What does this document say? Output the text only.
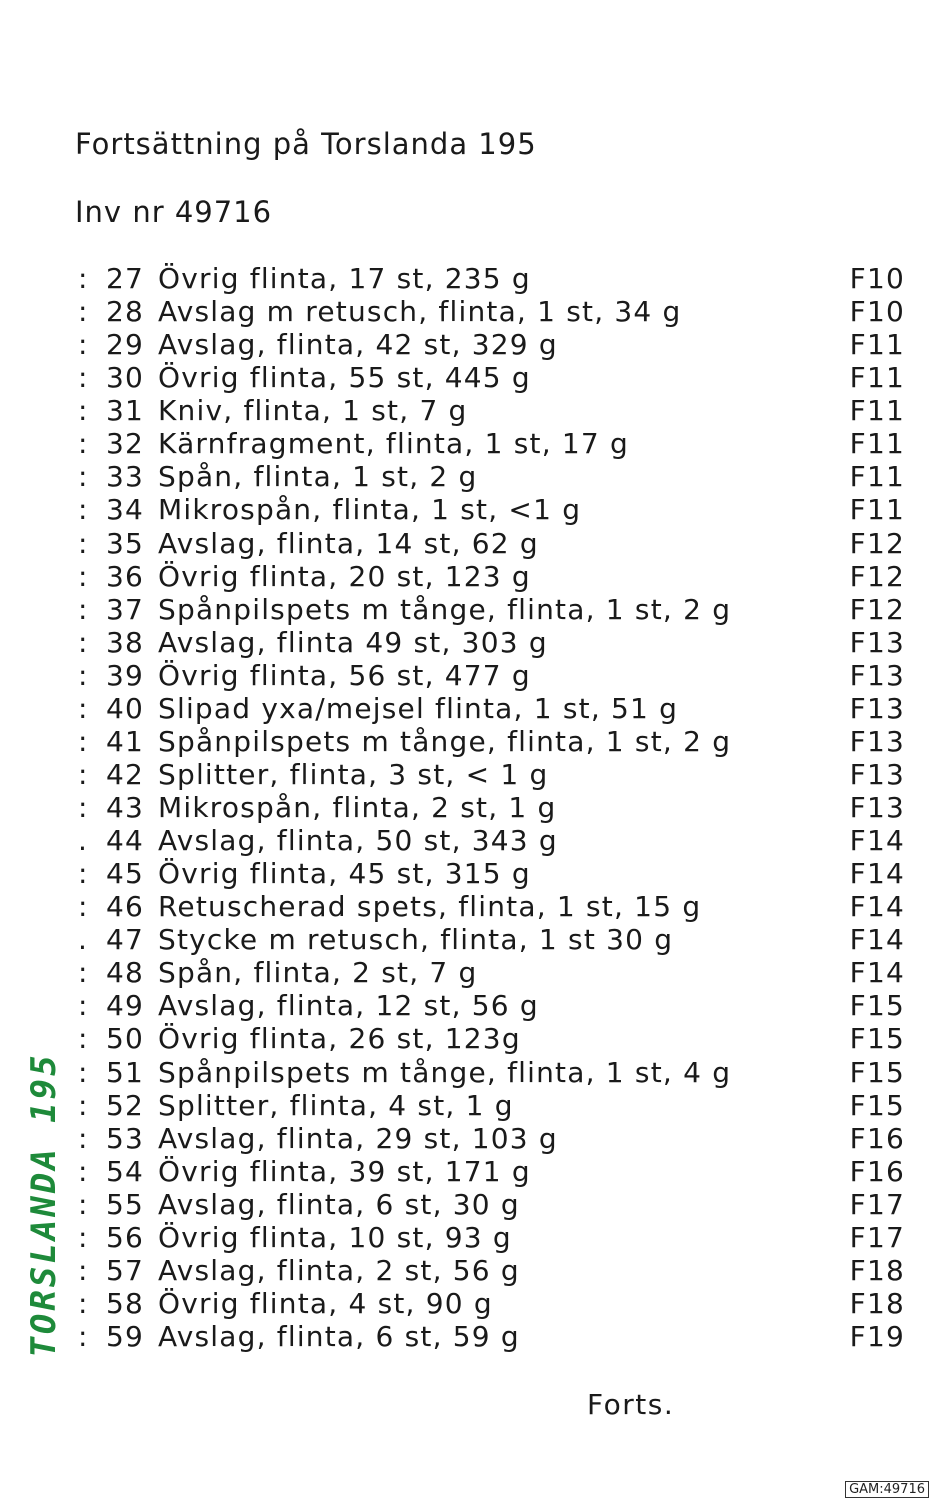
Fortsättning på Torslanda 195
Inv nr 49716
: 27 Övrig flinta, 17 st, 235 g	F10
: 28 Avslag m retusch, flinta, 1 st, 34 g	F10
: 29 Avslag, flinta, 42 st, 329 g	F11
: 30 Övrig flinta, 55 st, 445 g	F11
: 31 Kniv, flinta, 1 st, 7 g	F11
: 32 Kärnfragment, flinta, 1 st, 17 g	F11
: 33 Spån, flinta, 1 st, 2 g	F11
: 34 Mikrospån, flinta, 1 st, <1 g	F11
: 35 Avslag, flinta, 14 st, 62 g	F12
: 36 Övrig flinta, 20 st, 123 g	F12
: 37 Spånpilspets m tånge, flinta, 1 st, 2 g	F12
: 38 Avslag, flinta 49 st, 303 g	F13
: 39 Övrig flinta, 56 st, 477 g	F13
: 40 Slipad yxa/mejsel flinta, 1 st, 51 g	F13
: 41 Spånpilspets m tånge, flinta, 1 st, 2 g	F13
: 42 Splitter, flinta, 3 st, < 1 g	F13
: 43 Mikrospån, flinta, 2 st, 1 g	F13
. 44 Avslag, flinta, 50 st, 343 g	F14
: 45 Övrig flinta, 45 st, 315 g	F14
: 46 Retuscherad spets, flinta, 1 st, 15 g	F14
. 47 Stycke m retusch, flinta, 1 st 30 g	F14
: 48 Spån, flinta, 2 st, 7 g	F14
: 49 Avslag, flinta, 12 st, 56 g	F15
: 50 Övrig flinta, 26 st, 123g	F15
: 51 Spånpilspets m tånge, flinta, 1 st, 4 g	F15
: 52 Splitter, flinta, 4 st, 1 g	F15
: 53 Avslag, flinta, 29 st, 103 g	F16
: 54 Övrig flinta, 39 st, 171 g	F16
: 55 Avslag, flinta, 6 st, 30 g	F17
: 56 Övrig flinta, 10 st, 93 g	F17
: 57 Avslag, flinta, 2 st, 56 g	F18
: 58 Övrig flinta, 4 st, 90 g	F18
: 59 Avslag, flinta, 6 st, 59 g	F19
Forts.
TORSLANDA 195
GAM:49716
